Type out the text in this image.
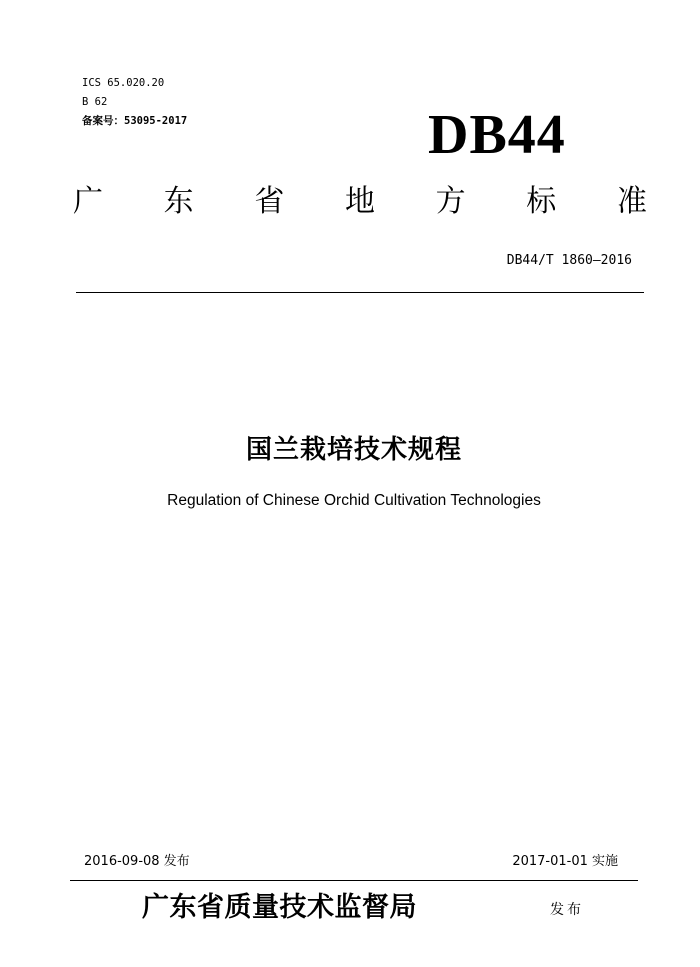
ICS 65.020.20
B 62
备案号：53095-2017	DB44
广 东 省 地 方 标 准
DB44/T 1860—2016
国兰栽培技术规程
Regulation of Chinese Orchid Cultivation Technologies
2016-09-08 发布	2017-01-01 实施
广东省质量技术监督局	发布
